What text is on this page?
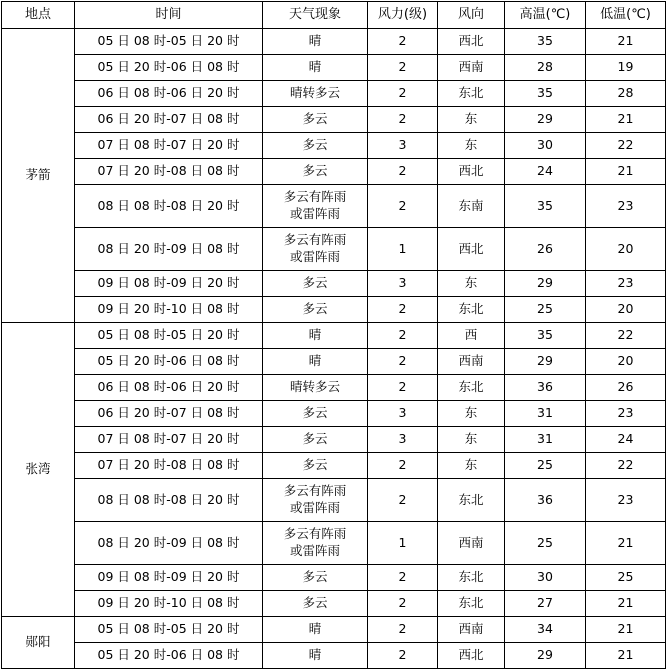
地点	时间	天气现象	风力(级)	风向	高温(℃)	低温(℃)
茅箭	05 日 08 时-05 日 20 时	晴	2	西北	35	21
	05 日 20 时-06 日 08 时	晴	2	西南	28	19
	06 日 08 时-06 日 20 时	晴转多云	2	东北	35	28
	06 日 20 时-07 日 08 时	多云	2	东	29	21
	07 日 08 时-07 日 20 时	多云	3	东	30	22
	07 日 20 时-08 日 08 时	多云	2	西北	24	21
	08 日 08 时-08 日 20 时	多云有阵雨
或雷阵雨	2	东南	35	23
	08 日 20 时-09 日 08 时	多云有阵雨
或雷阵雨	1	西北	26	20
	09 日 08 时-09 日 20 时	多云	3	东	29	23
	09 日 20 时-10 日 08 时	多云	2	东北	25	20
张湾	05 日 08 时-05 日 20 时	晴	2	西	35	22
	05 日 20 时-06 日 08 时	晴	2	西南	29	20
	06 日 08 时-06 日 20 时	晴转多云	2	东北	36	26
	06 日 20 时-07 日 08 时	多云	3	东	31	23
	07 日 08 时-07 日 20 时	多云	3	东	31	24
	07 日 20 时-08 日 08 时	多云	2	东	25	22
	08 日 08 时-08 日 20 时	多云有阵雨
或雷阵雨	2	东北	36	23
	08 日 20 时-09 日 08 时	多云有阵雨
或雷阵雨	1	西南	25	21
	09 日 08 时-09 日 20 时	多云	2	东北	30	25
	09 日 20 时-10 日 08 时	多云	2	东北	27	21
郧阳	05 日 08 时-05 日 20 时	晴	2	西南	34	21
	05 日 20 时-06 日 08 时	晴	2	西北	29	21
